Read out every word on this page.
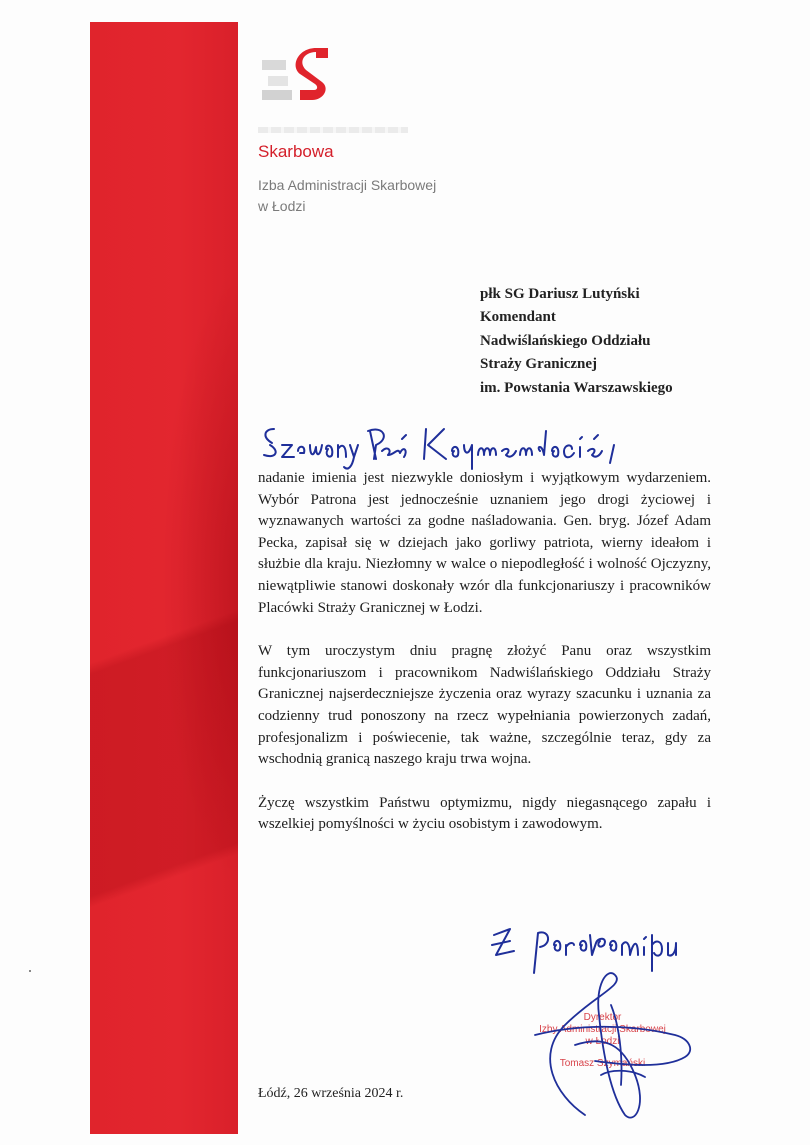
Skarbowa
Izba Administracji Skarbowej
w Łodzi
płk SG Dariusz Lutyński
Komendant
Nadwiślańskiego Oddziału
Straży Granicznej
im. Powstania Warszawskiego

nadanie imienia jest niezwykle doniosłym i wyjątkowym wydarzeniem. Wybór Patrona jest jednocześnie uznaniem jego drogi życiowej i wyznawanych wartości za godne naśladowania. Gen. bryg. Józef Adam Pecka, zapisał się w dziejach jako gorliwy patriota, wierny ideałom i służbie dla kraju. Niezłomny w walce o niepodległość i wolność Ojczyzny, niewątpliwie stanowi doskonały wzór dla funkcjonariuszy i pracowników Placówki Straży Granicznej w Łodzi.

W tym uroczystym dniu pragnę złożyć Panu oraz wszystkim funkcjonariuszom i pracownikom Nadwiślańskiego Oddziału Straży Granicznej najserdeczniejsze życzenia oraz wyrazy szacunku i uznania za codzienny trud ponoszony na rzecz wypełniania powierzonych zadań, profesjonalizm i poświecenie, tak ważne, szczególnie teraz, gdy za wschodnią granicą naszego kraju trwa wojna.

Życzę wszystkim Państwu optymizmu, nigdy niegasnącego zapału i wszelkiej pomyślności w życiu osobistym i zawodowym.

Dyrektor
Izby Administracji Skarbowej
w Łodzi
Tomasz Szymański
Łódź, 26 września 2024 r.
